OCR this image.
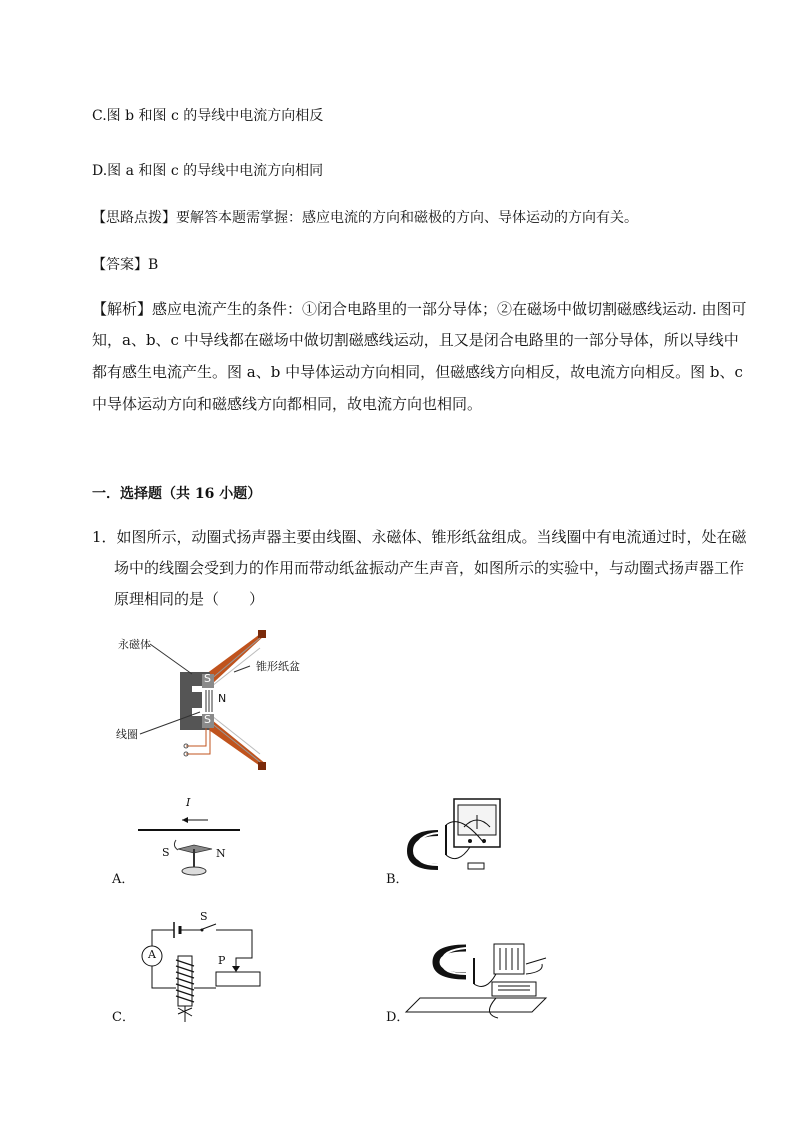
C.图 b 和图 c 的导线中电流方向相反
D.图 a 和图 c 的导线中电流方向相同
【思路点拨】要解答本题需掌握：感应电流的方向和磁极的方向、导体运动的方向有关。
【答案】B
【解析】感应电流产生的条件：①闭合电路里的一部分导体；②在磁场中做切割磁感线运动. 由图可
知，a、b、c 中导线都在磁场中做切割磁感线运动，且又是闭合电路里的一部分导体，所以导线中
都有感生电流产生。图 a、b 中导体运动方向相同，但磁感线方向相反，故电流方向相反。图 b、c
中导体运动方向和磁感线方向都相同，故电流方向也相同。
一．选择题（共 16 小题）
1．如图所示，动圈式扬声器主要由线圈、永磁体、锥形纸盆组成。当线圈中有电流通过时，处在磁
场中的线圈会受到力的作用而带动纸盆振动产生声音，如图所示的实验中，与动圈式扬声器工作
原理相同的是（　　）
永磁体
锥形纸盆
线圈
S
N
S
I
S	N
A．	B．
S
A	P
C．	D．
